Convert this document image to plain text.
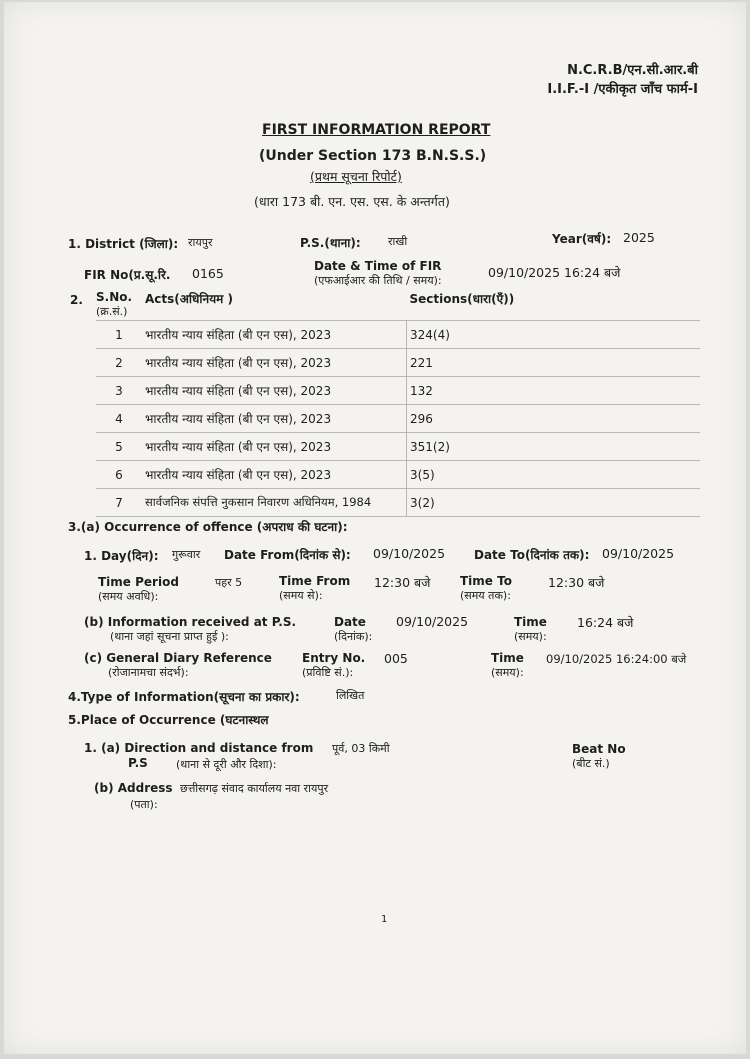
N.C.R.B/एन.सी.आर.बी
I.I.F.-I /एकीकृत जाँच फार्म-I
FIRST INFORMATION REPORT
(Under Section 173 B.N.S.S.)
(प्रथम सूचना रिपोर्ट)
(धारा 173 बी. एन. एस. एस. के अन्तर्गत)
1. District (जिला): रायपुर	P.S.(थाना): राखी	Year(वर्ष): 2025
FIR No(प्र.सू.रि. 0165	Date & Time of FIR
(एफआईआर की तिथि / समय):
09/10/2025 16:24 बजे
2. S.No.
(क्र.सं.)	Acts(अधिनियम )	Sections(धारा(एँ))
1	भारतीय न्याय संहिता (बी एन एस), 2023	324(4)
2	भारतीय न्याय संहिता (बी एन एस), 2023	221
3	भारतीय न्याय संहिता (बी एन एस), 2023	132
4	भारतीय न्याय संहिता (बी एन एस), 2023	296
5	भारतीय न्याय संहिता (बी एन एस), 2023	351(2)
6	भारतीय न्याय संहिता (बी एन एस), 2023	3(5)
7	सार्वजनिक संपत्ति नुकसान निवारण अधिनियम, 1984	3(2)
3.(a) Occurrence of offence (अपराध की घटना):
1. Day(दिन): गुरूवार Date From(दिनांक से): 09/10/2025 Date To(दिनांक तक): 09/10/2025
Time Period
(समय अवधि):
पहर 5	Time From
(समय से):
12:30 बजे Time To
(समय तक):
12:30 बजे
(b) Information received at P.S.
(थाना जहां सूचना प्राप्त हुई ):
Date
(दिनांक):
09/10/2025	Time
(समय):
16:24 बजे
(c) General Diary Reference
(रोजानामचा संदर्भ):
Entry No.
(प्रविष्टि सं.):
005	Time
(समय):
09/10/2025 16:24:00 बजे
4.Type of Information(सूचना का प्रकार):	लिखित
5.Place of Occurrence (घटनास्थल
1. (a) Direction and distance from
P.S	(थाना से दूरी और दिशा):
पूर्व, 03 किमी	Beat No
(बीट सं.)
(b) Address छत्तीसगढ़ संवाद कार्यालय नवा रायपुर
(पता):
1
